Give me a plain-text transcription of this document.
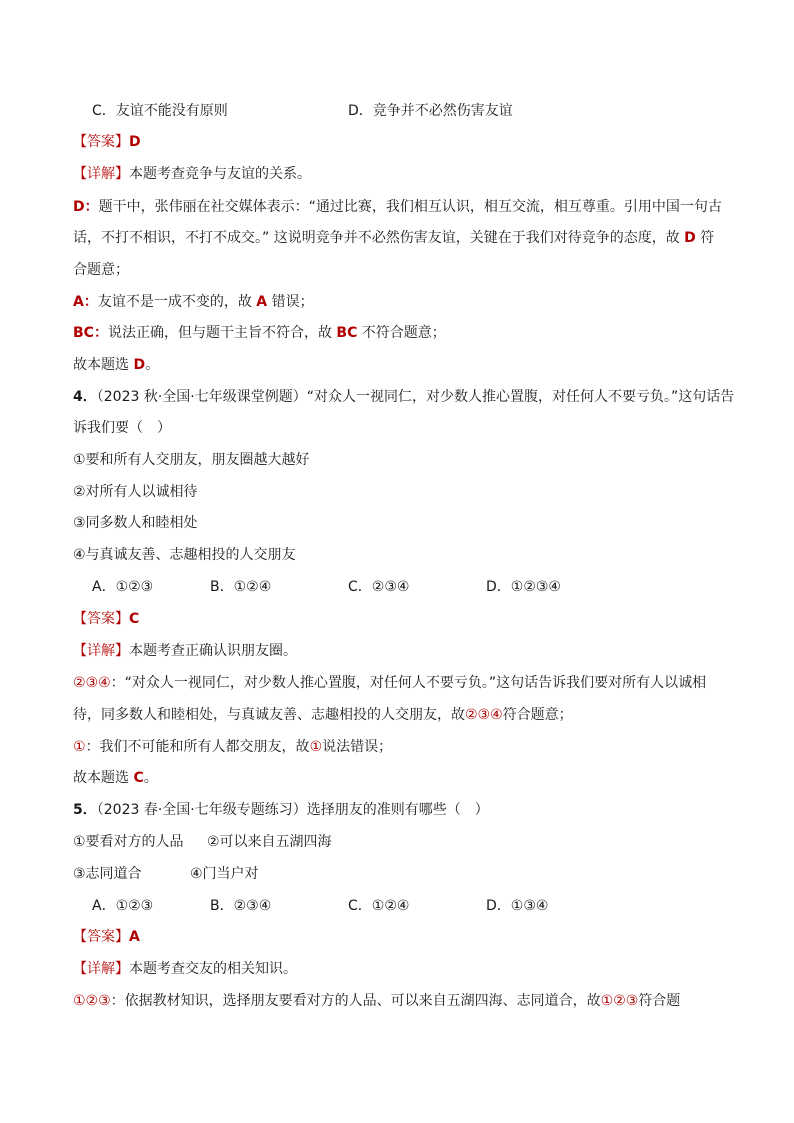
C．友谊不能没有原则	D．竞争并不必然伤害友谊
【答案】D
【详解】本题考查竞争与友谊的关系。
D：题干中，张伟丽在社交媒体表示：“通过比赛，我们相互认识，相互交流，相互尊重。引用中国一句古
话，不打不相识，不打不成交。” 这说明竞争并不必然伤害友谊，关键在于我们对待竞争的态度，故 D 符
合题意；
A：友谊不是一成不变的，故 A 错误；
BC：说法正确，但与题干主旨不符合，故 BC 不符合题意；
故本题选 D。
4．（2023 秋·全国·七年级课堂例题）“对众人一视同仁，对少数人推心置腹，对任何人不要亏负。”这句话告
诉我们要（　）
①要和所有人交朋友，朋友圈越大越好
②对所有人以诚相待
③同多数人和睦相处
④与真诚友善、志趣相投的人交朋友
A．①②③	B．①②④	C．②③④	D．①②③④
【答案】C
【详解】本题考查正确认识朋友圈。
②③④：“对众人一视同仁，对少数人推心置腹，对任何人不要亏负。”这句话告诉我们要对所有人以诚相
待，同多数人和睦相处，与真诚友善、志趣相投的人交朋友，故②③④符合题意；
①：我们不可能和所有人都交朋友，故①说法错误；
故本题选 C。
5．（2023 春·全国·七年级专题练习）选择朋友的准则有哪些（　）
①要看对方的人品 ②可以来自五湖四海
③志同道合	④门当户对
A．①②③	B．②③④	C．①②④	D．①③④
【答案】A
【详解】本题考查交友的相关知识。
①②③：依据教材知识，选择朋友要看对方的人品、可以来自五湖四海、志同道合，故①②③符合题
